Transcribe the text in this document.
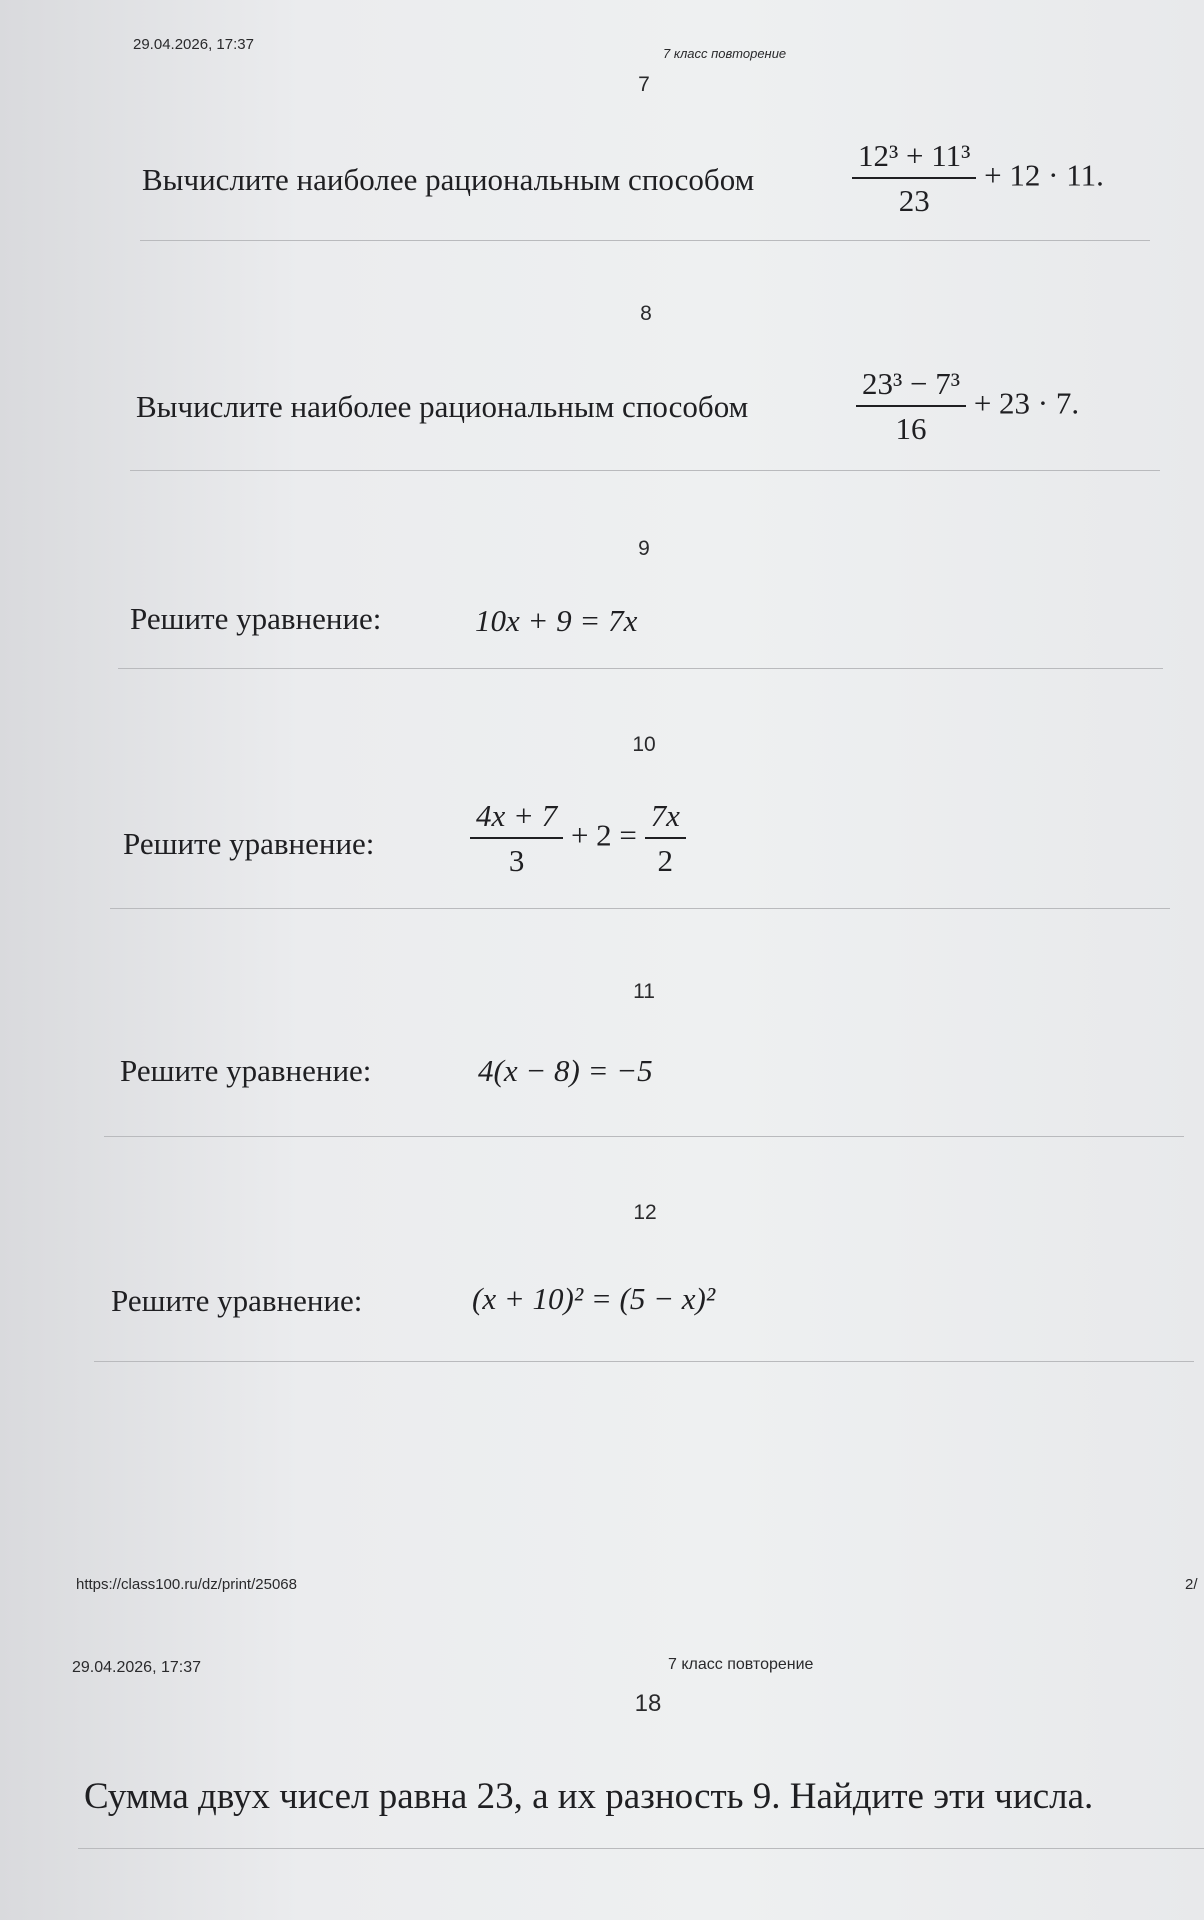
29.04.2026, 17:37
7 класс повторение
7
Вычислите наиболее рациональным способом	$\frac{\text{12³ + 11³}}{23} + 12 \cdot 11$.
8
Вычислите наиболее рациональным способом	$\frac{\text{23³ − 7³}}{16} + 23 \cdot 7$.
9
Решите уравнение:	10x + 9 = 7x
10
Решите уравнение:	$\frac{4x + 7}{3} + 2 = \frac{7x}{2}$
11
Решите уравнение:	4(x − 8) = −5
12
Решите уравнение:	(x + 10)² = (5 − x)²
https://class100.ru/dz/print/25068	2/
29.04.2026, 17:37	7 класс повторение
18
Сумма двух чисел равна 23, а их разность 9. Найдите эти числа.
